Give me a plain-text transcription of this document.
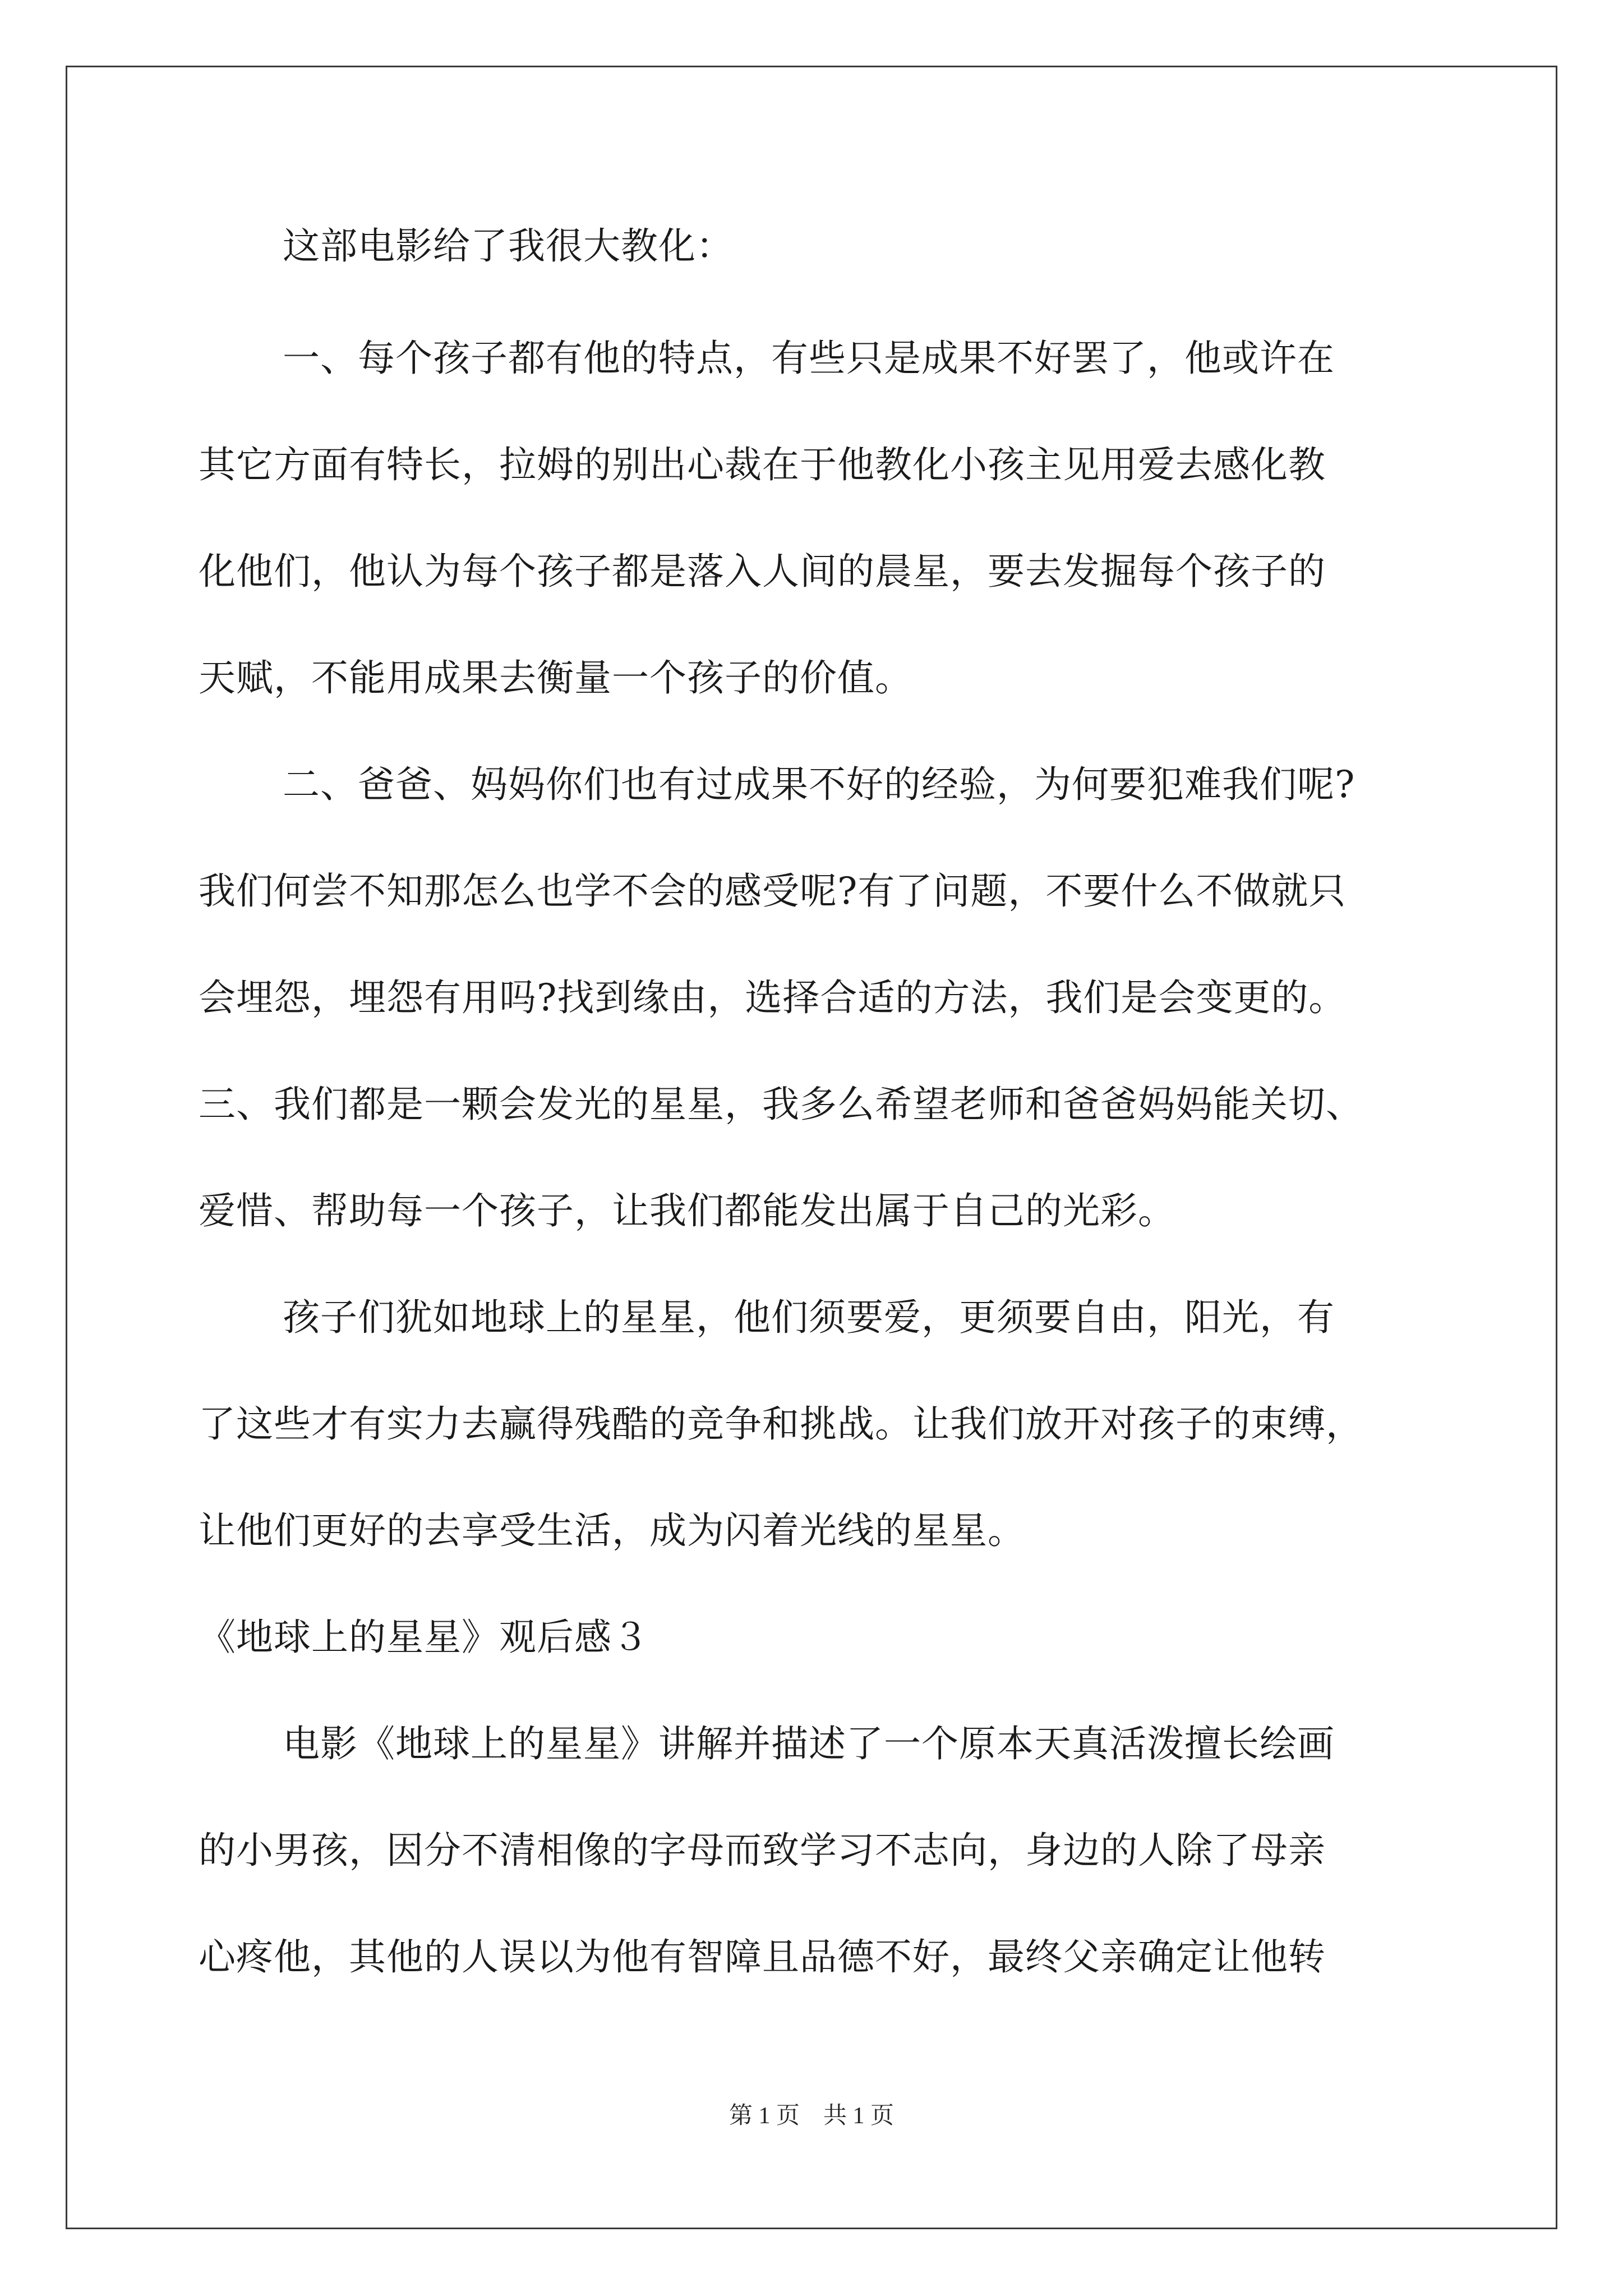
这部电影给了我很大教化：
一、每个孩子都有他的特点，有些只是成果不好罢了，他或许在
其它方面有特长，拉姆的别出心裁在于他教化小孩主见用爱去感化教
化他们，他认为每个孩子都是落入人间的晨星，要去发掘每个孩子的
天赋，不能用成果去衡量一个孩子的价值。
二、爸爸、妈妈你们也有过成果不好的经验，为何要犯难我们呢?
我们何尝不知那怎么也学不会的感受呢?有了问题，不要什么不做就只
会埋怨，埋怨有用吗?找到缘由，选择合适的方法，我们是会变更的。
三、我们都是一颗会发光的星星，我多么希望老师和爸爸妈妈能关切、
爱惜、帮助每一个孩子，让我们都能发出属于自己的光彩。
孩子们犹如地球上的星星，他们须要爱，更须要自由，阳光，有
了这些才有实力去赢得残酷的竞争和挑战。让我们放开对孩子的束缚，
让他们更好的去享受生活，成为闪着光线的星星。
《地球上的星星》观后感３
电影《地球上的星星》讲解并描述了一个原本天真活泼擅长绘画
的小男孩，因分不清相像的字母而致学习不志向，身边的人除了母亲
心疼他，其他的人误以为他有智障且品德不好，最终父亲确定让他转
第 1 页　共 1 页
